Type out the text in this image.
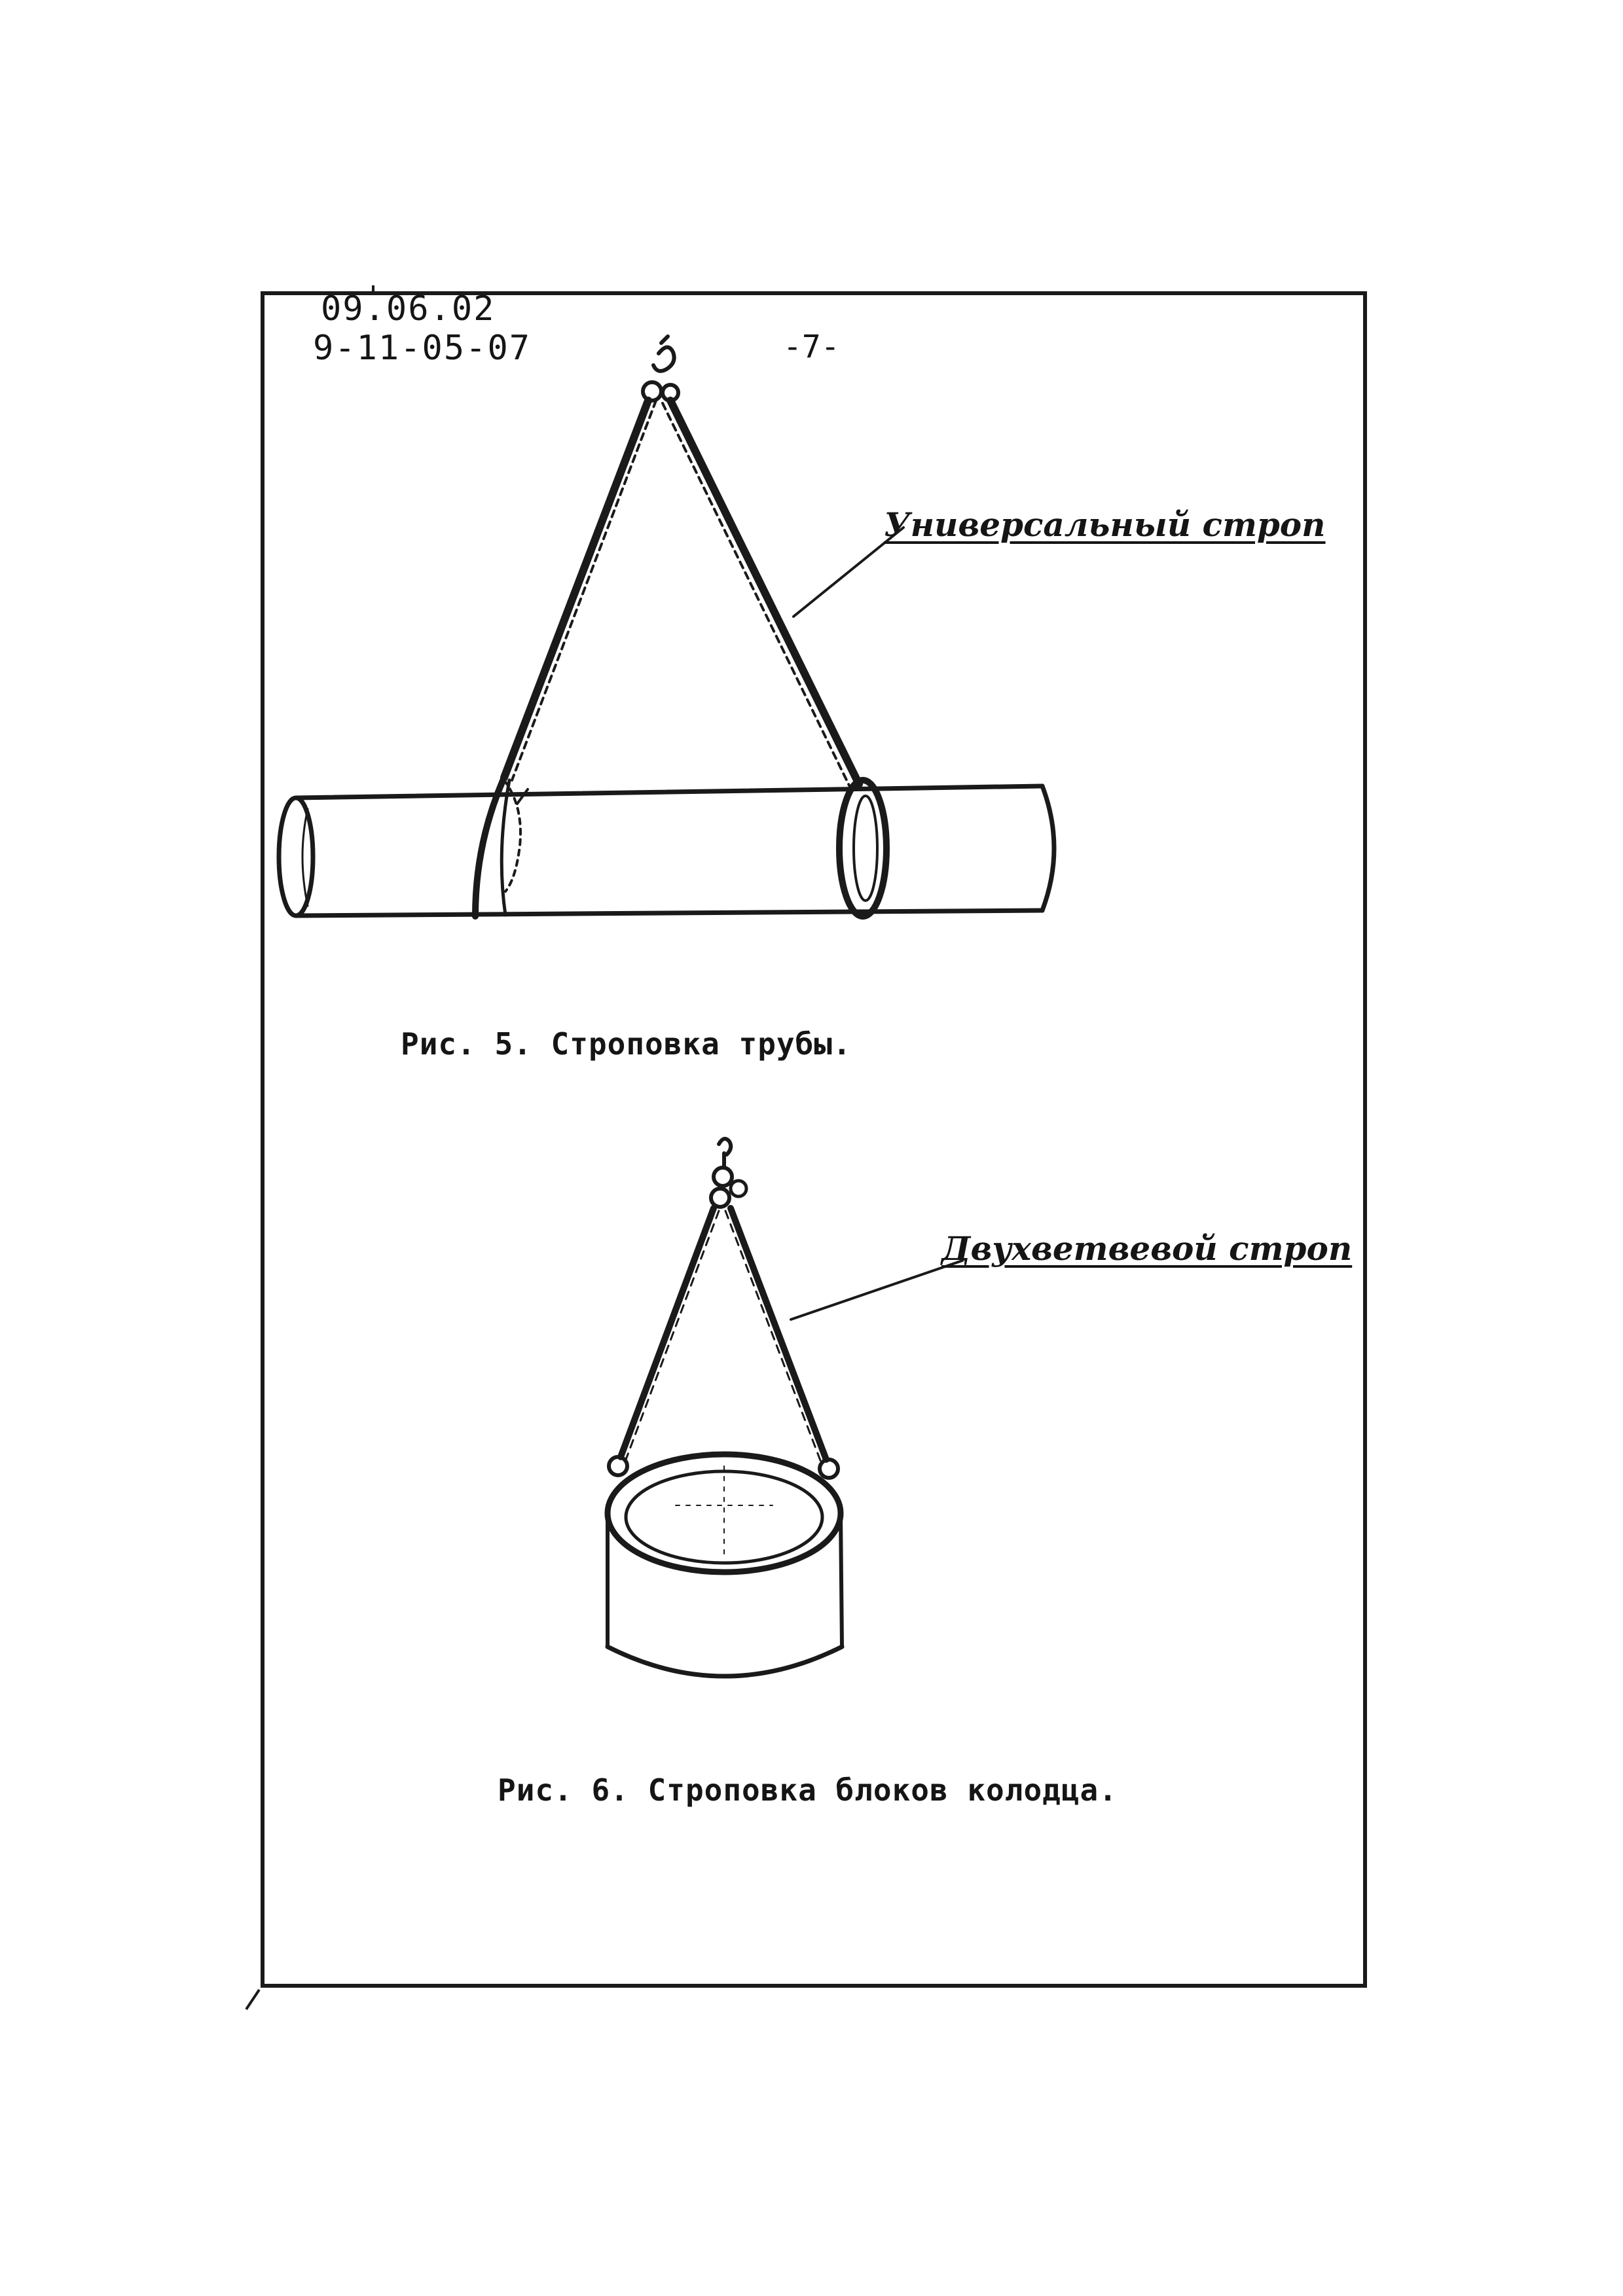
09.06.02
9-11-05-07	-7-
Универсальный строп
Рис. 5. Строповка трубы.
Двухветвевой строп
Рис. 6. Строповка блоков колодца.
